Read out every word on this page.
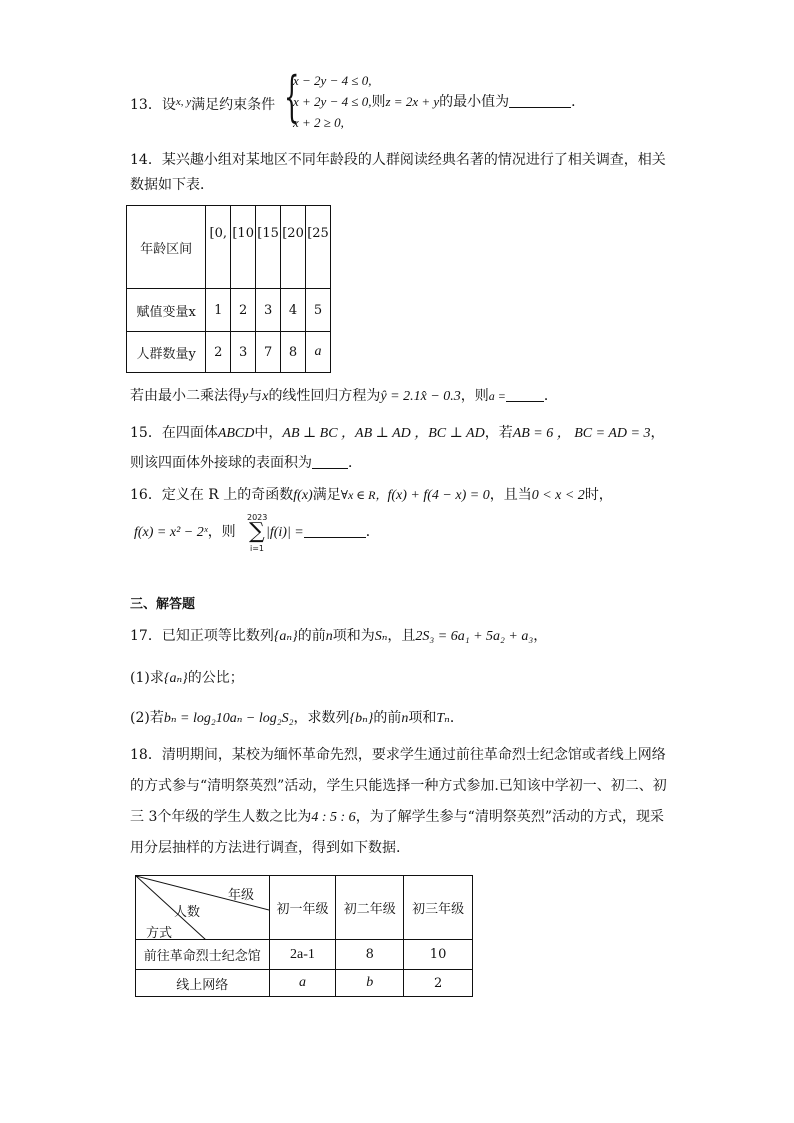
13．设$^{x, y}$满足约束条件 {
x − 2y − 4 ≤ 0,
x + 2y − 4 ≤ 0,则z = 2x + y的最小值为	．
x + 2 ≥ 0,
14．某兴趣小组对某地区不同年龄段的人群阅读经典名著的情况进行了相关调查，相关
数据如下表．
年龄区间	[0,	[10	[15	[20	[25
赋值变量x	1	2	3	4	5
人群数量y	2	3	7	8	a
若由最小二乘法得y与x的线性回归方程为ŷ = 2.1x̂ − 0.3，则a =	．
15．在四面体ABCD中，AB ⊥ BC ，AB ⊥ AD ，BC ⊥ AD，若AB = 6 ， BC = AD = 3，
则该四面体外接球的表面积为	．
16．定义在 R 上的奇函数f(x)满足∀x ∈ R，f(x) + f(4 − x) = 0，且当0 < x < 2时，
f(x) = x² − 2ˣ，则
2023
∑
i=1
|f(i)| =	．
三、解答题
17．已知正项等比数列{aₙ}的前n项和为Sₙ，且2S₃ = 6a₁ + 5a₂ + a₃，
(1)求{aₙ}的公比；
(2)若bₙ = log₂10aₙ − log₂S₂，求数列{bₙ}的前n项和Tₙ．
18．清明期间，某校为缅怀革命先烈，要求学生通过前往革命烈士纪念馆或者线上网络
的方式参与“清明祭英烈”活动，学生只能选择一种方式参加.已知该中学初一、初二、初
三 3个年级的学生人数之比为4 : 5 : 6，为了解学生参与“清明祭英烈”活动的方式，现采
用分层抽样的方法进行调查，得到如下数据.
年级
人数
方式	初一年级	初二年级	初三年级
前往革命烈士纪念馆	2a-1	8	10
线上网络	a	b	2
